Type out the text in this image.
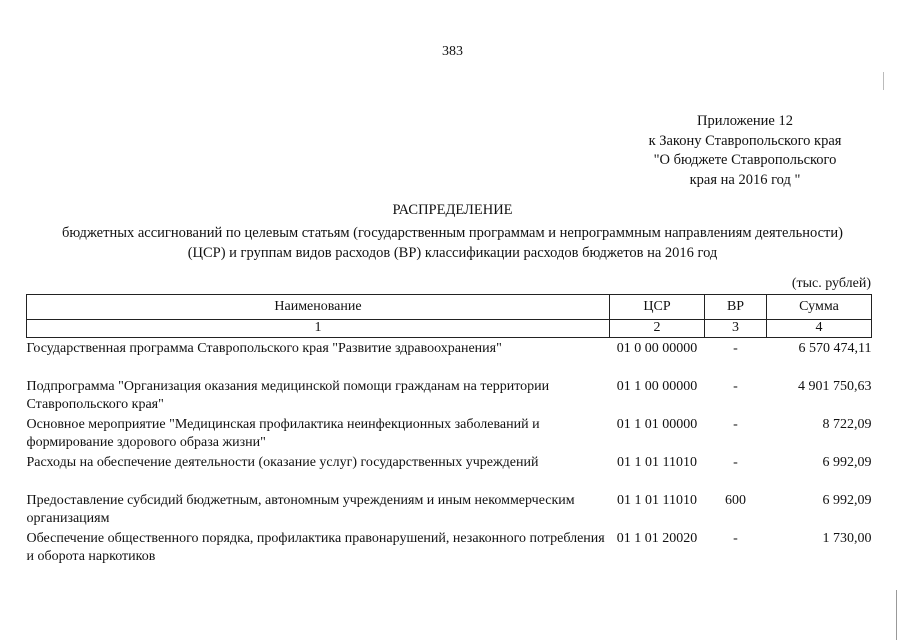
383
Приложение 12
к Закону Ставропольского края
"О бюджете Ставропольского
края на 2016 год "
РАСПРЕДЕЛЕНИЕ
бюджетных ассигнований по целевым статьям (государственным программам и непрограммным направлениям деятельности)
(ЦСР) и группам видов расходов (ВР) классификации расходов бюджетов на 2016 год
(тыс. рублей)
Наименование	ЦСР	ВР	Сумма
1	2	3	4
Государственная программа Ставропольского края "Развитие здравоохранения"	01 0 00 00000	-	6 570 474,11
Подпрограмма "Организация оказания медицинской помощи гражданам на территории Ставропольского края"	01 1 00 00000	-	4 901 750,63
Основное мероприятие "Медицинская профилактика неинфекционных заболеваний и формирование здорового образа жизни"	01 1 01 00000	-	8 722,09
Расходы на обеспечение деятельности (оказание услуг) государственных учреждений	01 1 01 11010	-	6 992,09
Предоставление субсидий бюджетным, автономным учреждениям и иным некоммерческим организациям	01 1 01 11010	600	6 992,09
Обеспечение общественного порядка, профилактика правонарушений, незаконного потребления и оборота наркотиков	01 1 01 20020	-	1 730,00
